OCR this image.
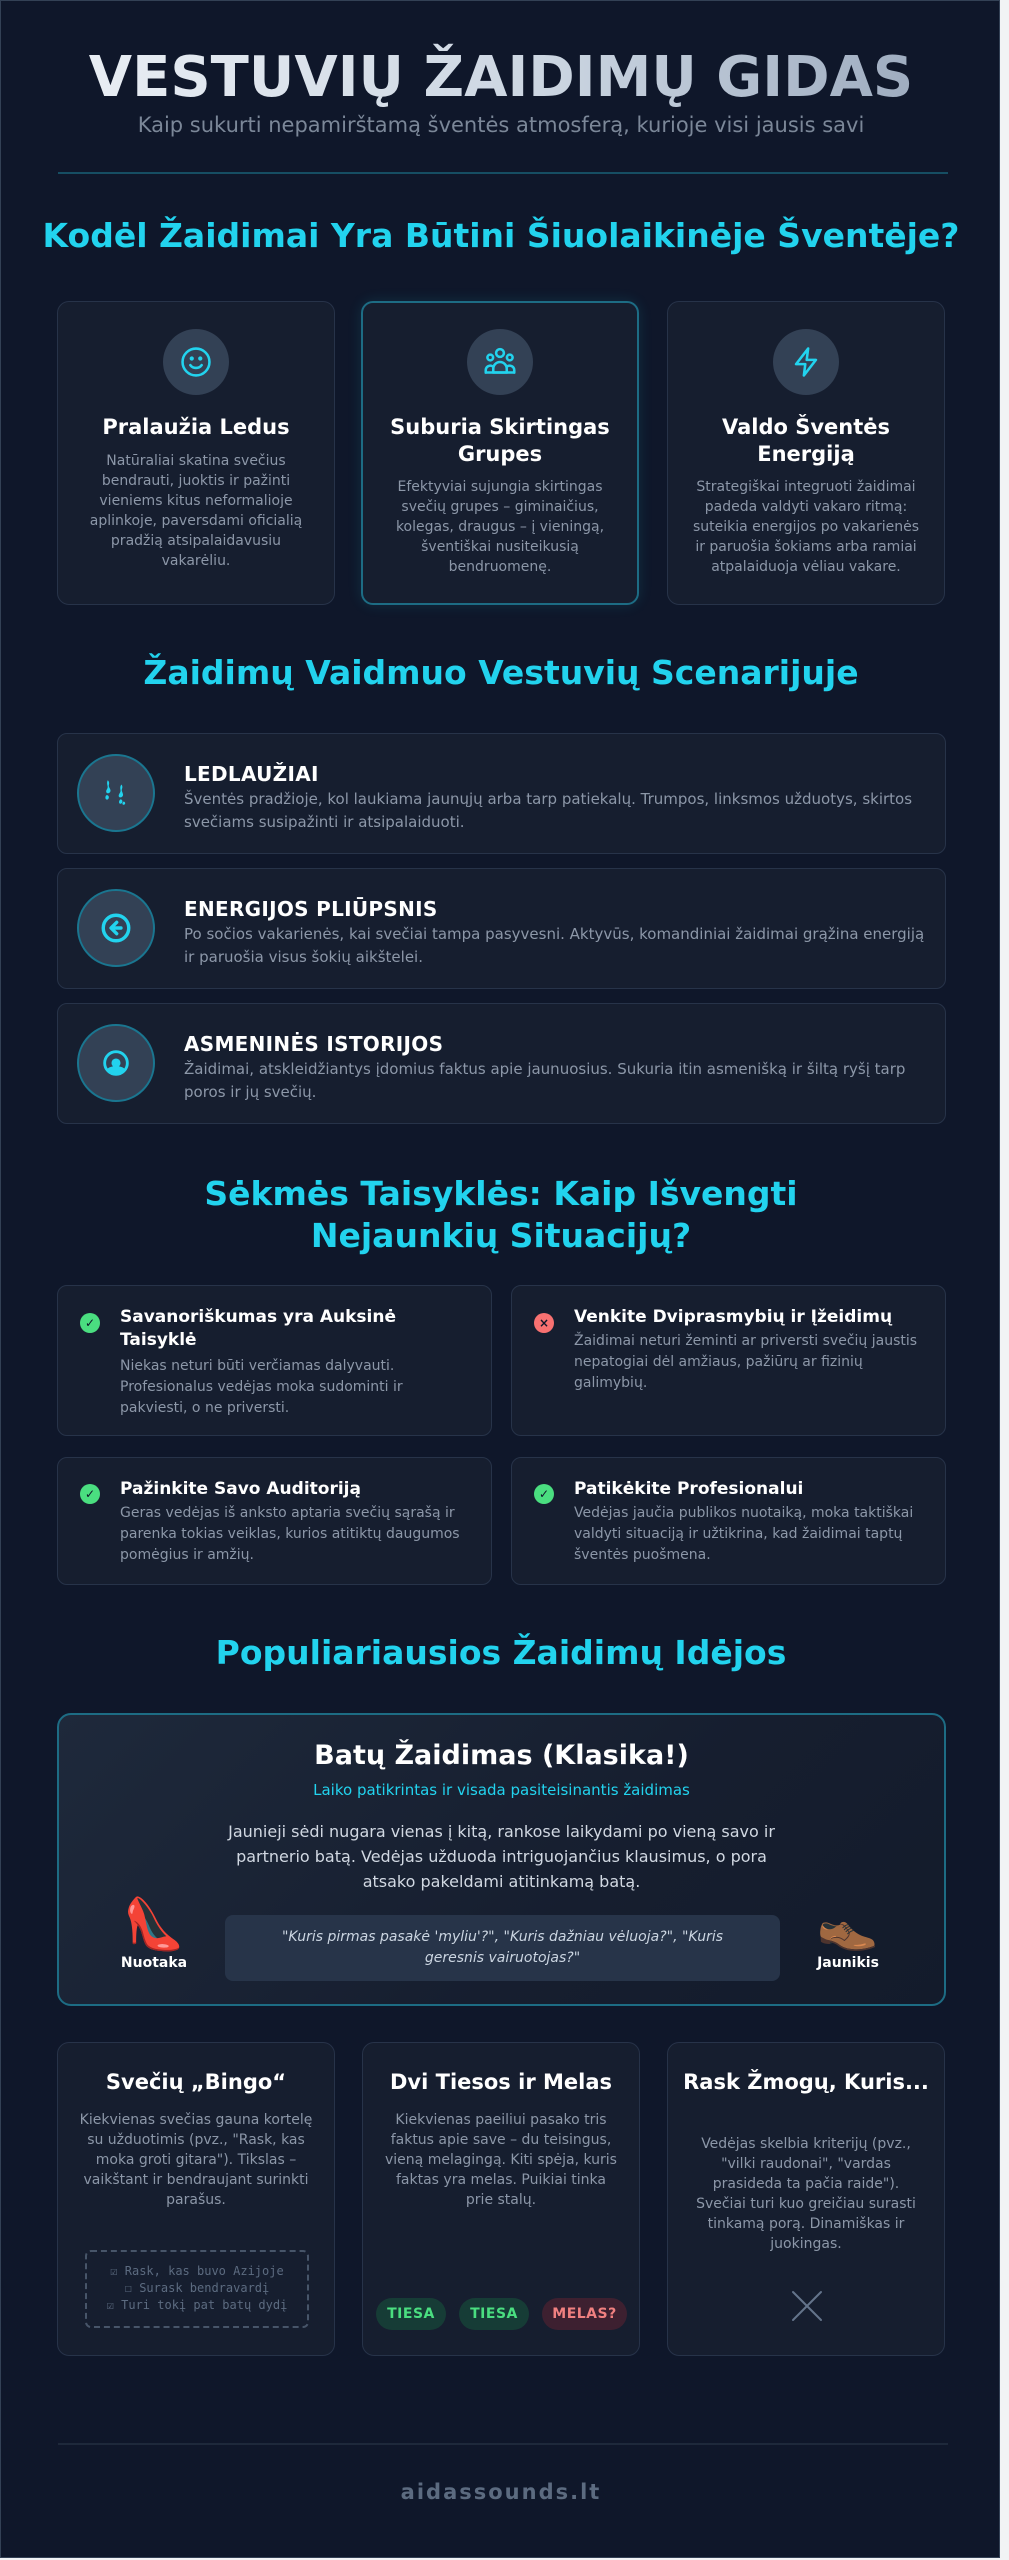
VESTUVIŲ ŽAIDIMŲ GIDAS
Kaip sukurti nepamirštamą šventės atmosferą, kurioje visi jausis savi
Kodėl Žaidimai Yra Būtini Šiuolaikinėje Šventėje?
Pralaužia Ledus
Natūraliai skatina svečius bendrauti, juoktis ir pažinti vieniems kitus neformalioje aplinkoje, paversdami oficialią pradžią atsipalaidavusiu vakarėliu.
Suburia Skirtingas Grupes
Efektyviai sujungia skirtingas svečių grupes – giminaičius, kolegas, draugus – į vieningą, šventiškai nusiteikusią bendruomenę.
Valdo Šventės Energiją
Strategiškai integruoti žaidimai padeda valdyti vakaro ritmą: suteikia energijos po vakarienės ir paruošia šokiams arba ramiai atpalaiduoja vėliau vakare.
Žaidimų Vaidmuo Vestuvių Scenarijuje
LEDLAUŽIAI
Šventės pradžioje, kol laukiama jaunųjų arba tarp patiekalų. Trumpos, linksmos užduotys, skirtos svečiams susipažinti ir atsipalaiduoti.
ENERGIJOS PLIŪPSNIS
Po sočios vakarienės, kai svečiai tampa pasyvesni. Aktyvūs, komandiniai žaidimai grąžina energiją ir paruošia visus šokių aikštelei.
ASMENINĖS ISTORIJOS
Žaidimai, atskleidžiantys įdomius faktus apie jaunuosius. Sukuria itin asmenišką ir šiltą ryšį tarp poros ir jų svečių.
Sėkmės Taisyklės: Kaip Išvengti Nejaunkių Situacijų?
✓ Savanoriškumas yra Auksinė Taisyklė
Niekas neturi būti verčiamas dalyvauti. Profesionalus vedėjas moka sudominti ir pakviesti, o ne priversti.
× Venkite Dviprasmybių ir Įžeidimų
Žaidimai neturi žeminti ar priversti svečių jaustis nepatogiai dėl amžiaus, pažiūrų ar fizinių galimybių.
✓ Pažinkite Savo Auditoriją
Geras vedėjas iš anksto aptaria svečių sąrašą ir parenka tokias veiklas, kurios atitiktų daugumos pomėgius ir amžių.
✓ Patikėkite Profesionalui
Vedėjas jaučia publikos nuotaiką, moka taktiškai valdyti situaciją ir užtikrina, kad žaidimai taptų šventės puošmena.
Populiariausios Žaidimų Idėjos
Batų Žaidimas (Klasika!)
Laiko patikrintas ir visada pasiteisinantis žaidimas
Jaunieji sėdi nugara vienas į kitą, rankose laikydami po vieną savo ir partnerio batą. Vedėjas užduoda intriguojančius klausimus, o pora atsako pakeldami atitinkamą batą.
👠
Nuotaka
"Kuris pirmas pasakė 'myliu'?", "Kuris dažniau vėluoja?", "Kuris geresnis vairuotojas?"
👞
Jaunikis
Svečių „Bingo“
Kiekvienas svečias gauna kortelę su užduotimis (pvz., "Rask, kas moka groti gitara"). Tikslas – vaikštant ir bendraujant surinkti parašus.
☑ Rask, kas buvo Azijoje
☐ Surask bendravardį
☑ Turi tokį pat batų dydį
Dvi Tiesos ir Melas
Kiekvienas paeiliui pasako tris faktus apie save – du teisingus, vieną melagingą. Kiti spėja, kuris faktas yra melas. Puikiai tinka prie stalų.
TIESA	TIESA	MELAS?
Rask Žmogų, Kuris...
Vedėjas skelbia kriterijų (pvz., "vilki raudonai", "vardas prasideda ta pačia raide"). Svečiai turi kuo greičiau surasti tinkamą porą. Dinamiškas ir juokingas.
aidassounds.lt
